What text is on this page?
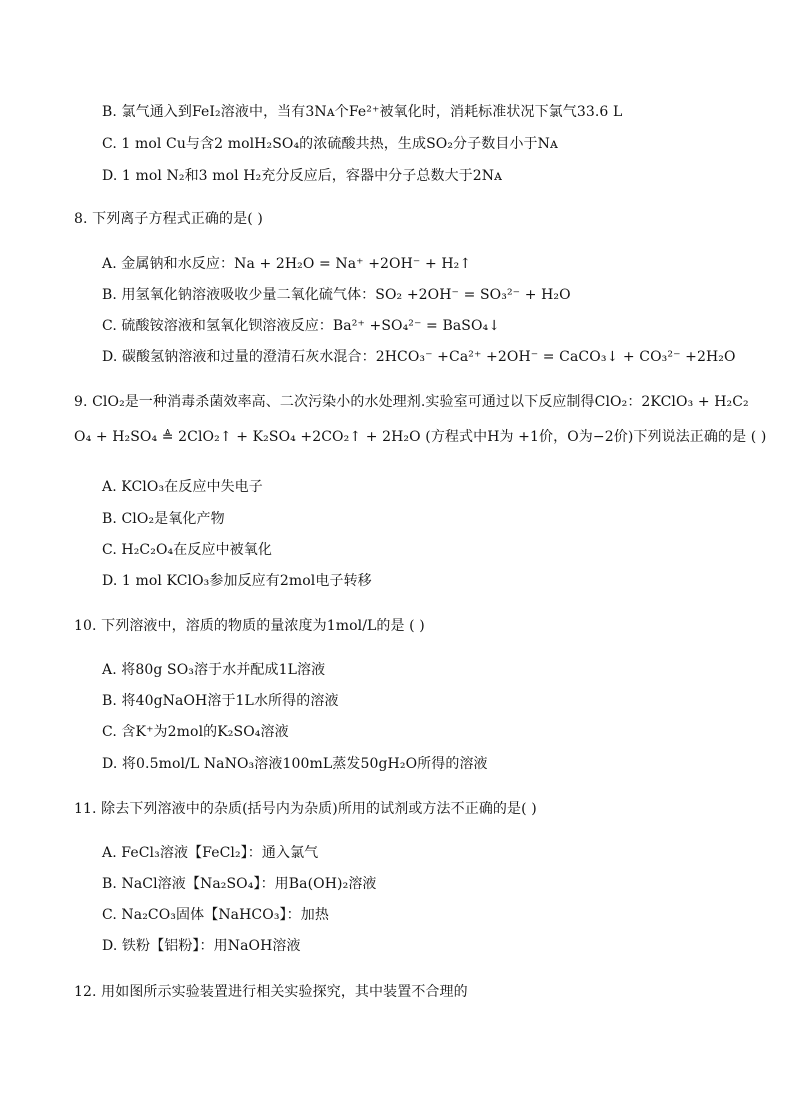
B. 氯气通入到FeI₂溶液中，当有3Nᴀ个Fe²⁺被氧化时，消耗标准状况下氯气33.6 L
C. 1 mol Cu与含2 molH₂SO₄的浓硫酸共热，生成SO₂分子数目小于Nᴀ
D. 1 mol N₂和3 mol H₂充分反应后，容器中分子总数大于2Nᴀ
8. 下列离子方程式正确的是( )
A. 金属钠和水反应：Na + 2H₂O = Na⁺ +2OH⁻ + H₂↑
B. 用氢氧化钠溶液吸收少量二氧化硫气体：SO₂ +2OH⁻ = SO₃²⁻ + H₂O
C. 硫酸铵溶液和氢氧化钡溶液反应：Ba²⁺ +SO₄²⁻ = BaSO₄↓
D. 碳酸氢钠溶液和过量的澄清石灰水混合：2HCO₃⁻ +Ca²⁺ +2OH⁻ = CaCO₃↓ + CO₃²⁻ +2H₂O
9. ClO₂是一种消毒杀菌效率高、二次污染小的水处理剂.实验室可通过以下反应制得ClO₂：2KClO₃ + H₂C₂
O₄ + H₂SO₄ ≜ 2ClO₂↑ + K₂SO₄ +2CO₂↑ + 2H₂O (方程式中H为 +1价，O为−2价)下列说法正确的是 ( )
A. KClO₃在反应中失电子
B. ClO₂是氧化产物
C. H₂C₂O₄在反应中被氧化
D. 1 mol KClO₃参加反应有2mol电子转移
10. 下列溶液中，溶质的物质的量浓度为1mol/L的是 ( )
A. 将80g SO₃溶于水并配成1L溶液
B. 将40gNaOH溶于1L水所得的溶液
C. 含K⁺为2mol的K₂SO₄溶液
D. 将0.5mol/L NaNO₃溶液100mL蒸发50gH₂O所得的溶液
11. 除去下列溶液中的杂质(括号内为杂质)所用的试剂或方法不正确的是( )
A. FeCl₃溶液【FeCl₂】：通入氯气
B. NaCl溶液【Na₂SO₄】：用Ba(OH)₂溶液
C. Na₂CO₃固体【NaHCO₃】：加热
D. 铁粉【铝粉】：用NaOH溶液
12. 用如图所示实验装置进行相关实验探究，其中装置不合理的
